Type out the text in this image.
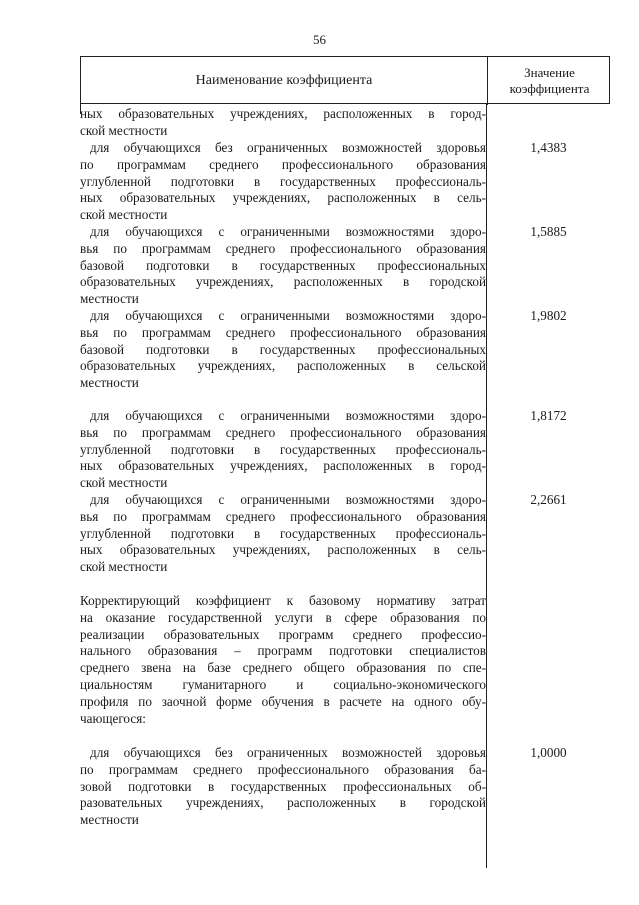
56
Наименование коэффициента
Значение
коэффициента
ных образовательных учреждениях, расположенных в город-
ской местности
для обучающихся без ограниченных возможностей здоровья
по программам среднего профессионального образования
углубленной подготовки в государственных профессиональ-
ных образовательных учреждениях, расположенных в сель-
ской местности
1,4383
для обучающихся с ограниченными возможностями здоро-
вья по программам среднего профессионального образования
базовой подготовки в государственных профессиональных
образовательных учреждениях, расположенных в городской
местности
1,5885
для обучающихся с ограниченными возможностями здоро-
вья по программам среднего профессионального образования
базовой подготовки в государственных профессиональных
образовательных учреждениях, расположенных в сельской
местности
1,9802
для обучающихся с ограниченными возможностями здоро-
вья по программам среднего профессионального образования
углубленной подготовки в государственных профессиональ-
ных образовательных учреждениях, расположенных в город-
ской местности
1,8172
для обучающихся с ограниченными возможностями здоро-
вья по программам среднего профессионального образования
углубленной подготовки в государственных профессиональ-
ных образовательных учреждениях, расположенных в сель-
ской местности
2,2661
Корректирующий коэффициент к базовому нормативу затрат
на оказание государственной услуги в сфере образования по
реализации образовательных программ среднего профессио-
нального образования – программ подготовки специалистов
среднего звена на базе среднего общего образования по спе-
циальностям гуманитарного и социально-экономического
профиля по заочной форме обучения в расчете на одного обу-
чающегося:
для обучающихся без ограниченных возможностей здоровья
по программам среднего профессионального образования ба-
зовой подготовки в государственных профессиональных об-
разовательных учреждениях, расположенных в городской
местности
1,0000
